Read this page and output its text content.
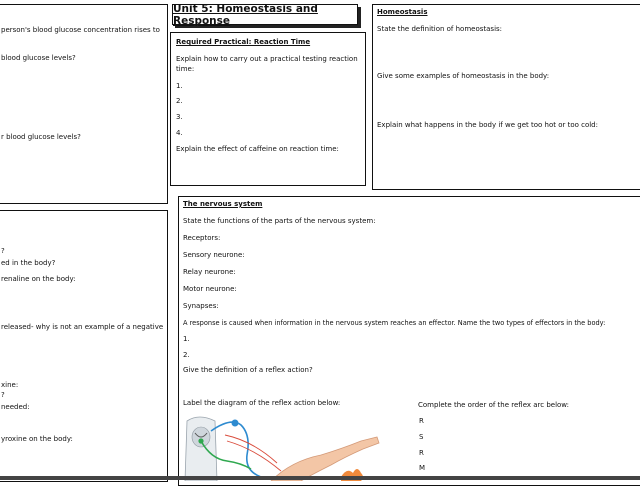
person's blood glucose concentration rises to
blood glucose levels?
r blood glucose levels?
?
ed in the body?
renaline on the body:
released- why is not an example of a negative
xine:
?
needed:
yroxine on the body:
Unit 5: Homeostasis and Response
Required Practical: Reaction Time
Explain how to carry out a practical testing reaction
time:
1.
2.
3.
4.
Explain the effect of caffeine on reaction time:
Homeostasis
State the definition of homeostasis:
Give some examples of homeostasis in the body:
Explain what happens in the body if we get too hot or too cold:
The nervous system
State the functions of the parts of the nervous system:
Receptors:
Sensory neurone:
Relay neurone:
Motor neurone:
Synapses:
A response is caused when information in the nervous system reaches an effector. Name the two types of effectors in the body:
1.
2.
Give the definition of a reflex action?
Label the diagram of the reflex action below:	Complete the order of the reflex arc below:
R
S
R
M
